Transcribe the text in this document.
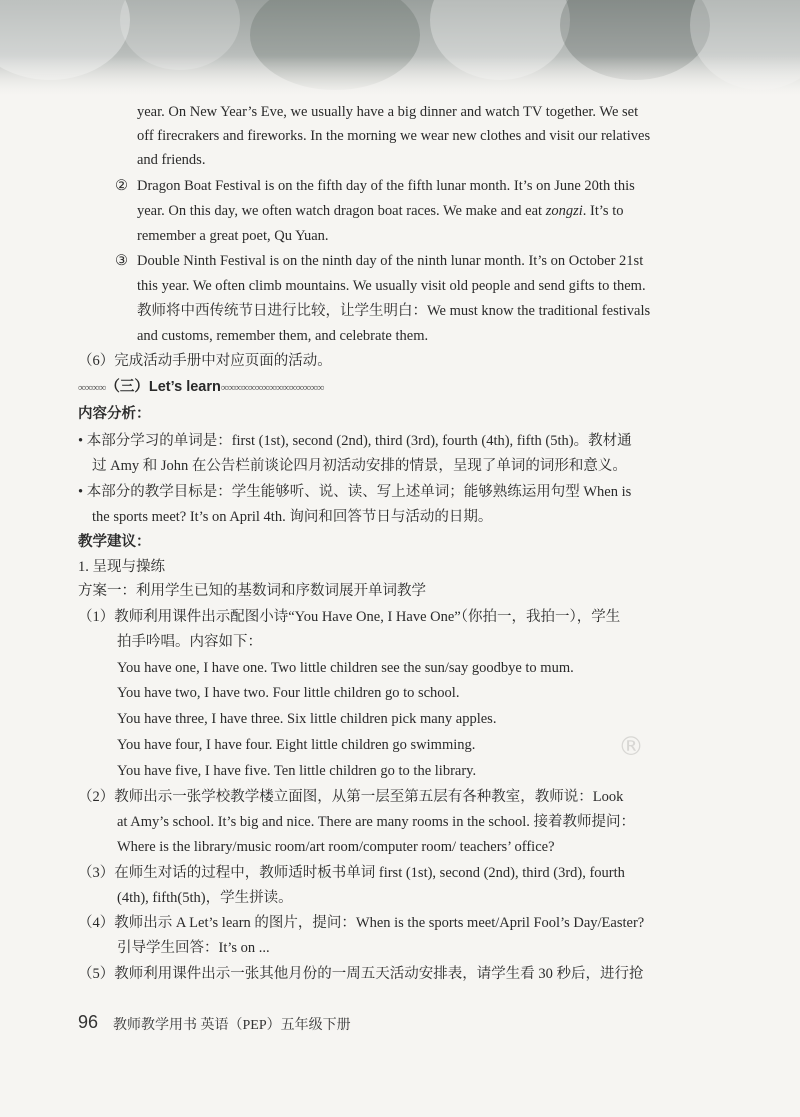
®
year. On New Year’s Eve, we usually have a big dinner and watch TV together. We set
off firecrakers and fireworks. In the morning we wear new clothes and visit our relatives
and friends.
② Dragon Boat Festival is on the fifth day of the fifth lunar month. It’s on June 20th this
year. On this day, we often watch dragon boat races. We make and eat zongzi. It’s to
remember a great poet, Qu Yuan.
③ Double Ninth Festival is on the ninth day of the ninth lunar month. It’s on October 21st
this year. We often climb mountains. We usually visit old people and send gifts to them.
教师将中西传统节日进行比较，让学生明白：We must know the traditional festivals
and customs, remember them, and celebrate them.
（6）完成活动手册中对应页面的活动。
∞∞∞∞（三）Let’s learn∞∞∞∞∞∞∞∞∞∞∞∞∞∞∞
内容分析：
• 本部分学习的单词是：first (1st), second (2nd), third (3rd), fourth (4th), fifth (5th)。教材通
过 Amy 和 John 在公告栏前谈论四月初活动安排的情景，呈现了单词的词形和意义。
• 本部分的教学目标是：学生能够听、说、读、写上述单词；能够熟练运用句型 When is
the sports meet? It’s on April 4th. 询问和回答节日与活动的日期。
教学建议：
1. 呈现与操练
方案一：利用学生已知的基数词和序数词展开单词教学
（1）教师利用课件出示配图小诗“You Have One, I Have One”（你拍一，我拍一），学生
拍手吟唱。内容如下：
You have one, I have one. Two little children see the sun/say goodbye to mum.
You have two, I have two. Four little children go to school.
You have three, I have three. Six little children pick many apples.
You have four, I have four. Eight little children go swimming.
You have five, I have five. Ten little children go to the library.
（2）教师出示一张学校教学楼立面图，从第一层至第五层有各种教室，教师说：Look
at Amy’s school. It’s big and nice. There are many rooms in the school. 接着教师提问：
Where is the library/music room/art room/computer room/ teachers’ office?
（3）在师生对话的过程中，教师适时板书单词 first (1st), second (2nd), third (3rd), fourth
(4th), fifth(5th)，学生拼读。
（4）教师出示 A Let’s learn 的图片，提问：When is the sports meet/April Fool’s Day/Easter?
引导学生回答：It’s on ...
（5）教师利用课件出示一张其他月份的一周五天活动安排表，请学生看 30 秒后，进行抢
96 教师教学用书 英语（PEP）五年级下册
